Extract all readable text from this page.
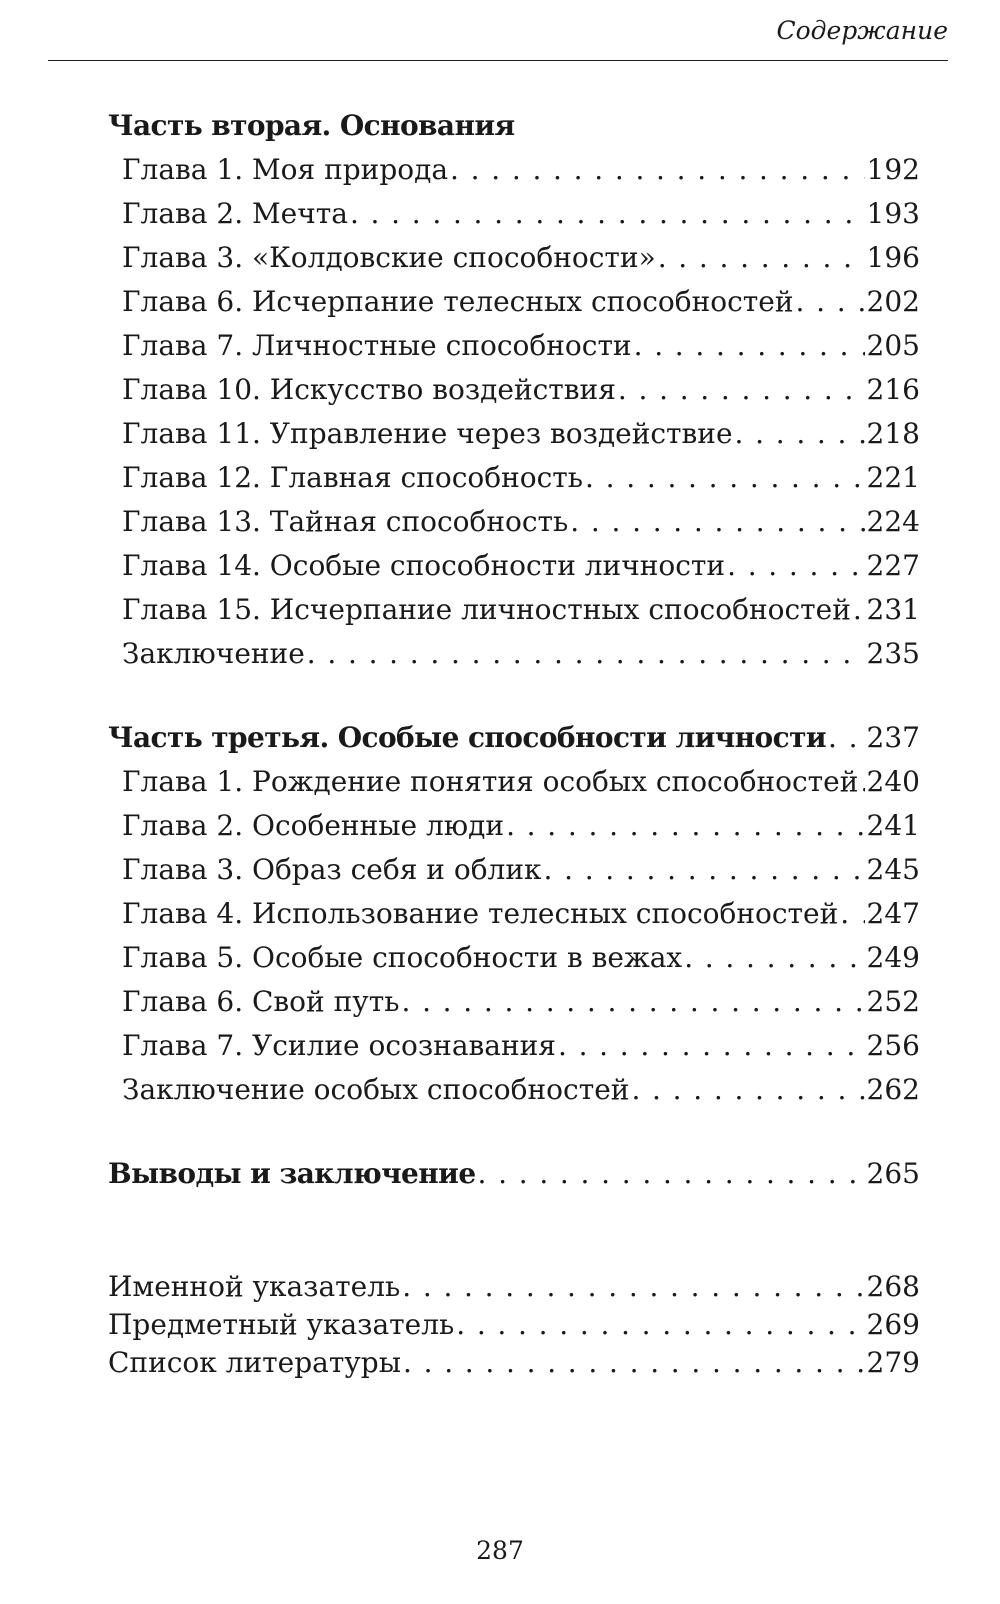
Содержание
Часть вторая. Основания
Глава 1. Моя природа . . .	192
Глава 2. Мечта . . .	193
Глава 3. «Колдовские способности» . . .	196
Глава 6. Исчерпание телесных способностей . . .	202
Глава 7. Личностные способности . . .	205
Глава 10. Искусство воздействия . . .	216
Глава 11. Управление через воздействие . . .	218
Глава 12. Главная способность . . .	221
Глава 13. Тайная способность . . .	224
Глава 14. Особые способности личности . . .	227
Глава 15. Исчерпание личностных способностей . . . 231
Заключение . . .	235
Часть третья. Особые способности личности . . . 237
Глава 1. Рождение понятия особых способностей . . . 240
Глава 2. Особенные люди . . .	241
Глава 3. Образ себя и облик . . .	245
Глава 4. Использование телесных способностей . . . 247
Глава 5. Особые способности в вежах . . .	249
Глава 6. Свой путь . . .	252
Глава 7. Усилие осознавания . . .	256
Заключение особых способностей . . .	262
Выводы и заключение . . .	265
Именной указатель . . .	268
Предметный указатель . . .	269
Список литературы . . .	279
287
